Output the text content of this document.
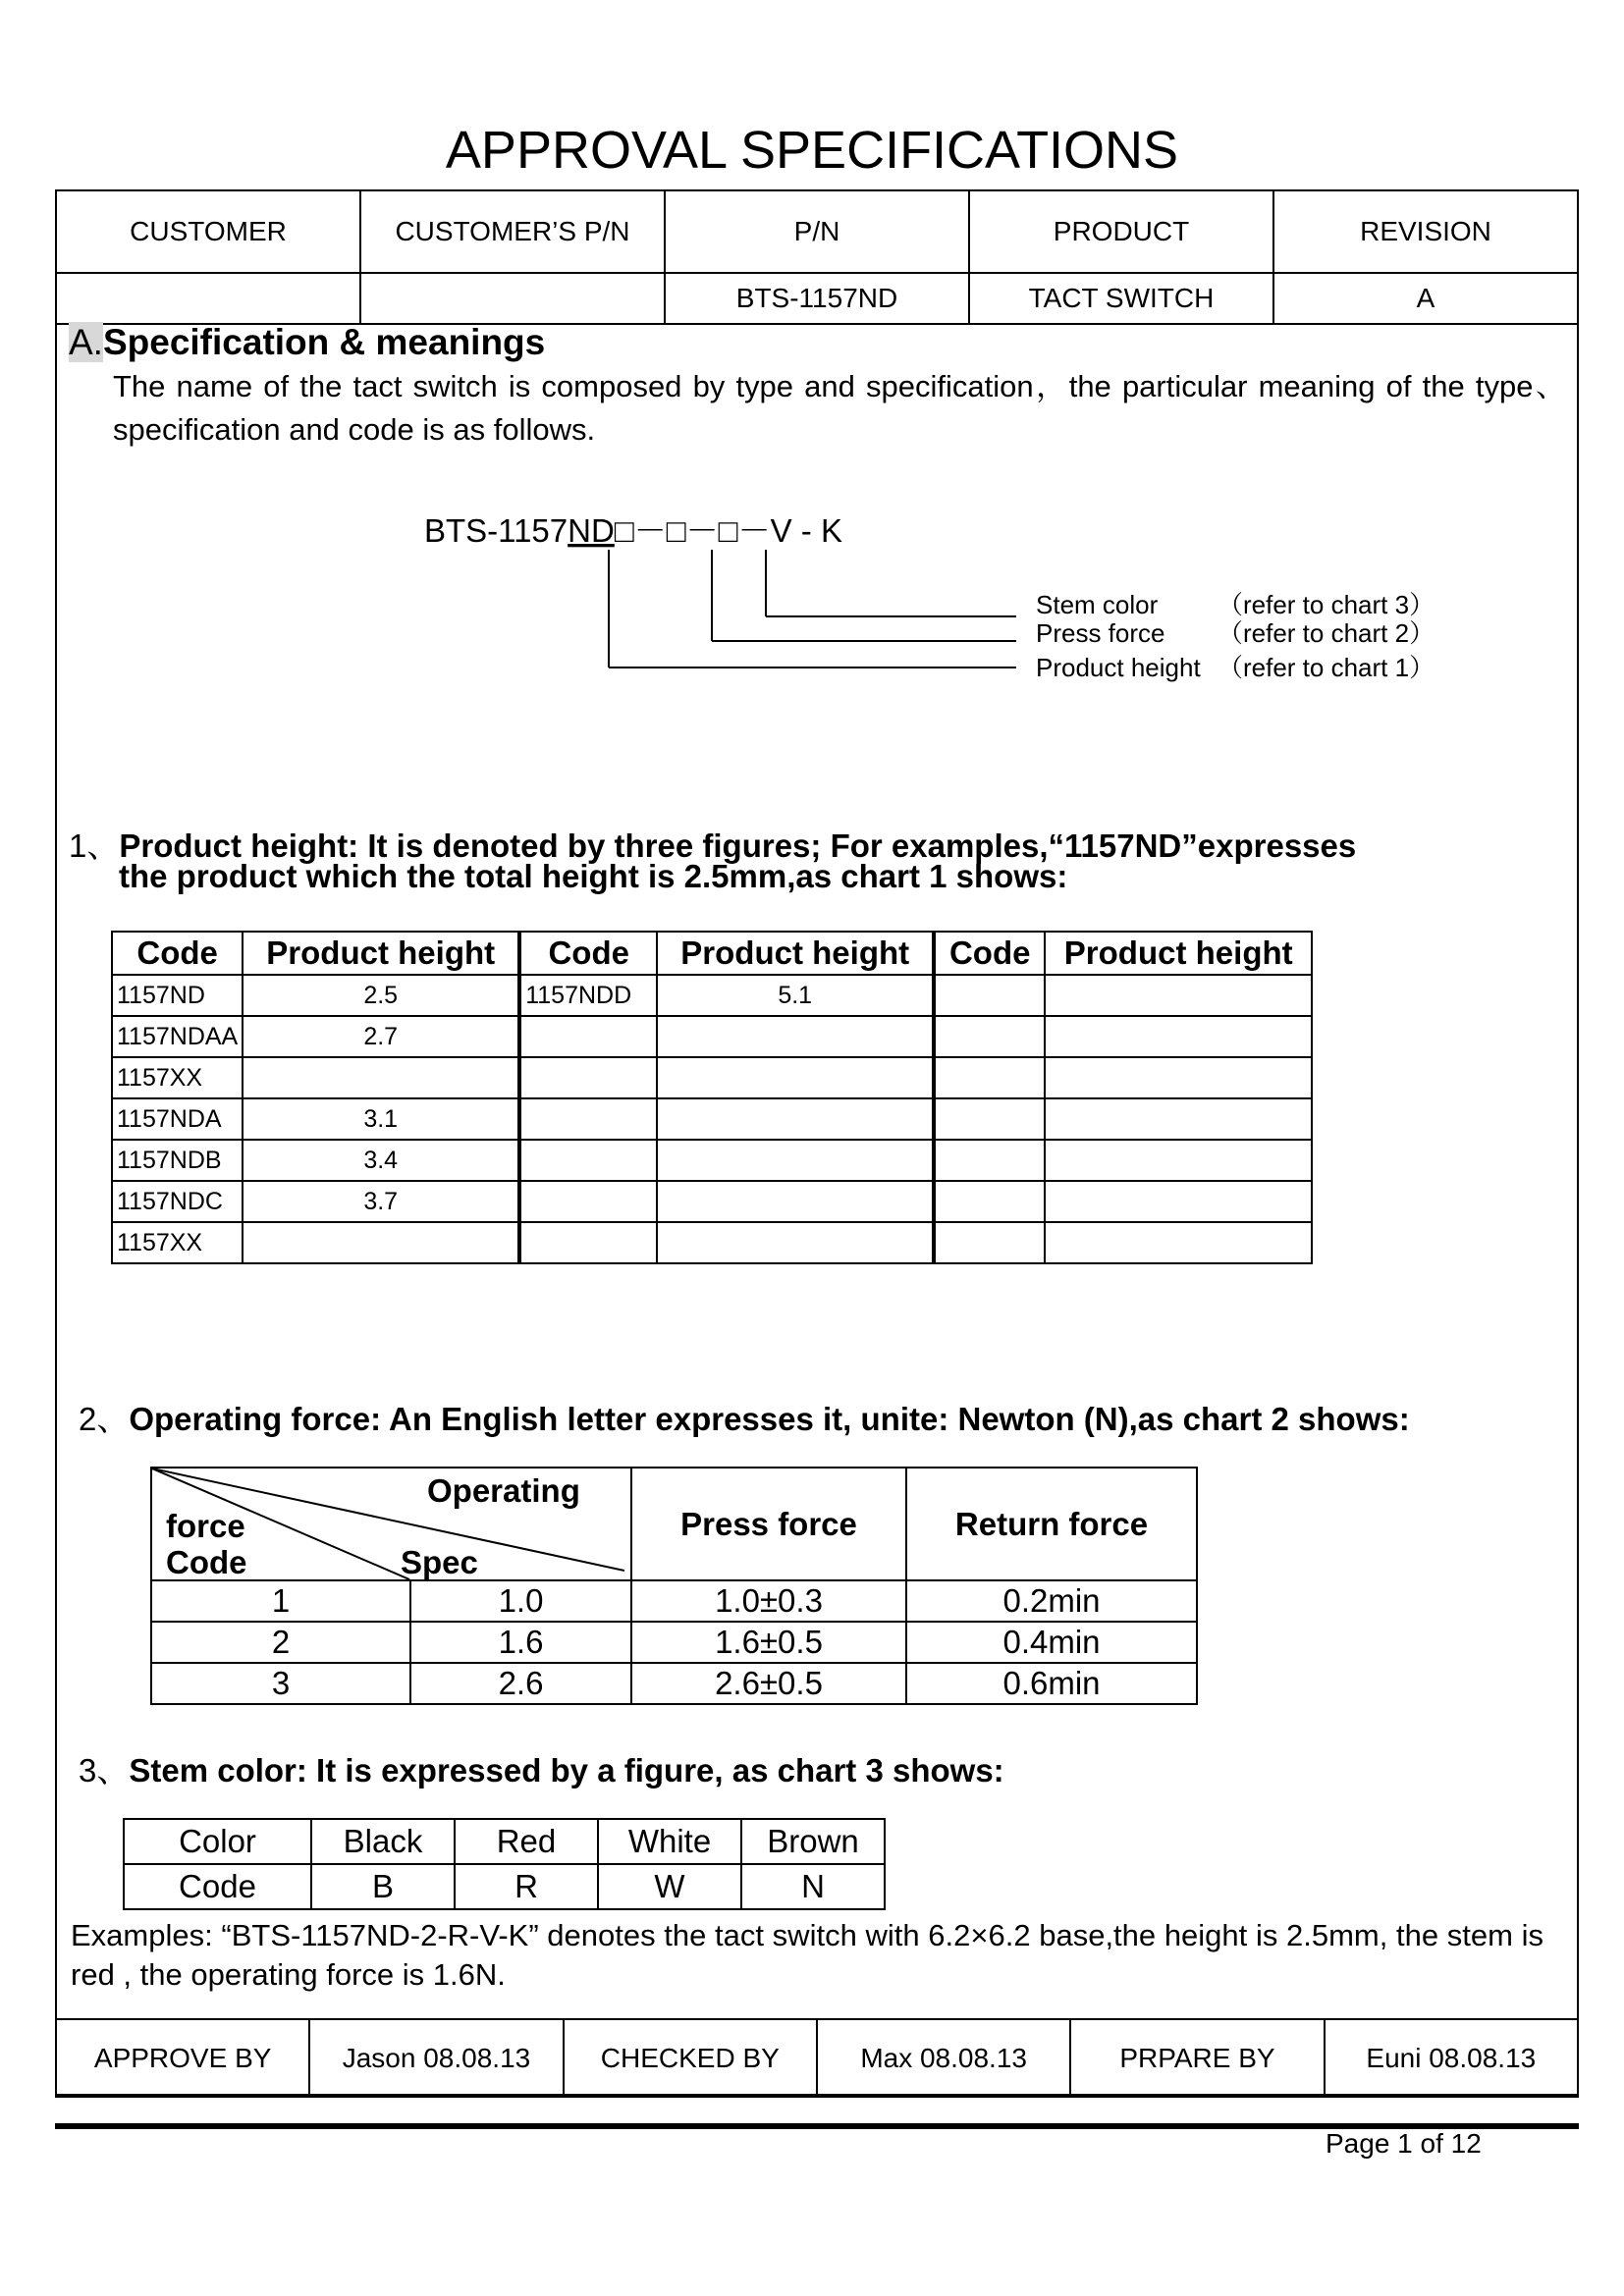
APPROVAL SPECIFICATIONS
CUSTOMER	CUSTOMER’S P/N	P/N	PRODUCT	REVISION
		BTS-1157ND	TACT SWITCH	A
A.Specification & meanings
The name of the tact switch is composed by type and specification，the particular meaning of the type、specification and code is as follows.
BTS-1157ND□－□－□－V - K
Stem color （refer to chart 3）
Press force （refer to chart 2）
Product height （refer to chart 1）
1、Product height: It is denoted by three figures; For examples,“1157ND”expresses
the product which the total height is 2.5mm,as chart 1 shows:
Code	Product height	Code	Product height	Code	Product height
1157ND	2.5	1157NDD	5.1		
1157NDAA	2.7				
1157XX					
1157NDA	3.1				
1157NDB	3.4				
1157NDC	3.7				
1157XX					
2、Operating force: An English letter expresses it, unite: Newton (N),as chart 2 shows:
Operating
force
Code Spec		Press force	Return force
1	1.0	1.0±0.3	0.2min
2	1.6	1.6±0.5	0.4min
3	2.6	2.6±0.5	0.6min
3、Stem color: It is expressed by a figure, as chart 3 shows:
Color	Black	Red	White	Brown
Code	B	R	W	N
Examples: “BTS-1157ND-2-R-V-K” denotes the tact switch with 6.2×6.2 base,the height is 2.5mm, the stem is red , the operating force is 1.6N.
APPROVE BY	Jason 08.08.13	CHECKED BY	Max 08.08.13	PRPARE BY	Euni 08.08.13
Page 1 of 12
